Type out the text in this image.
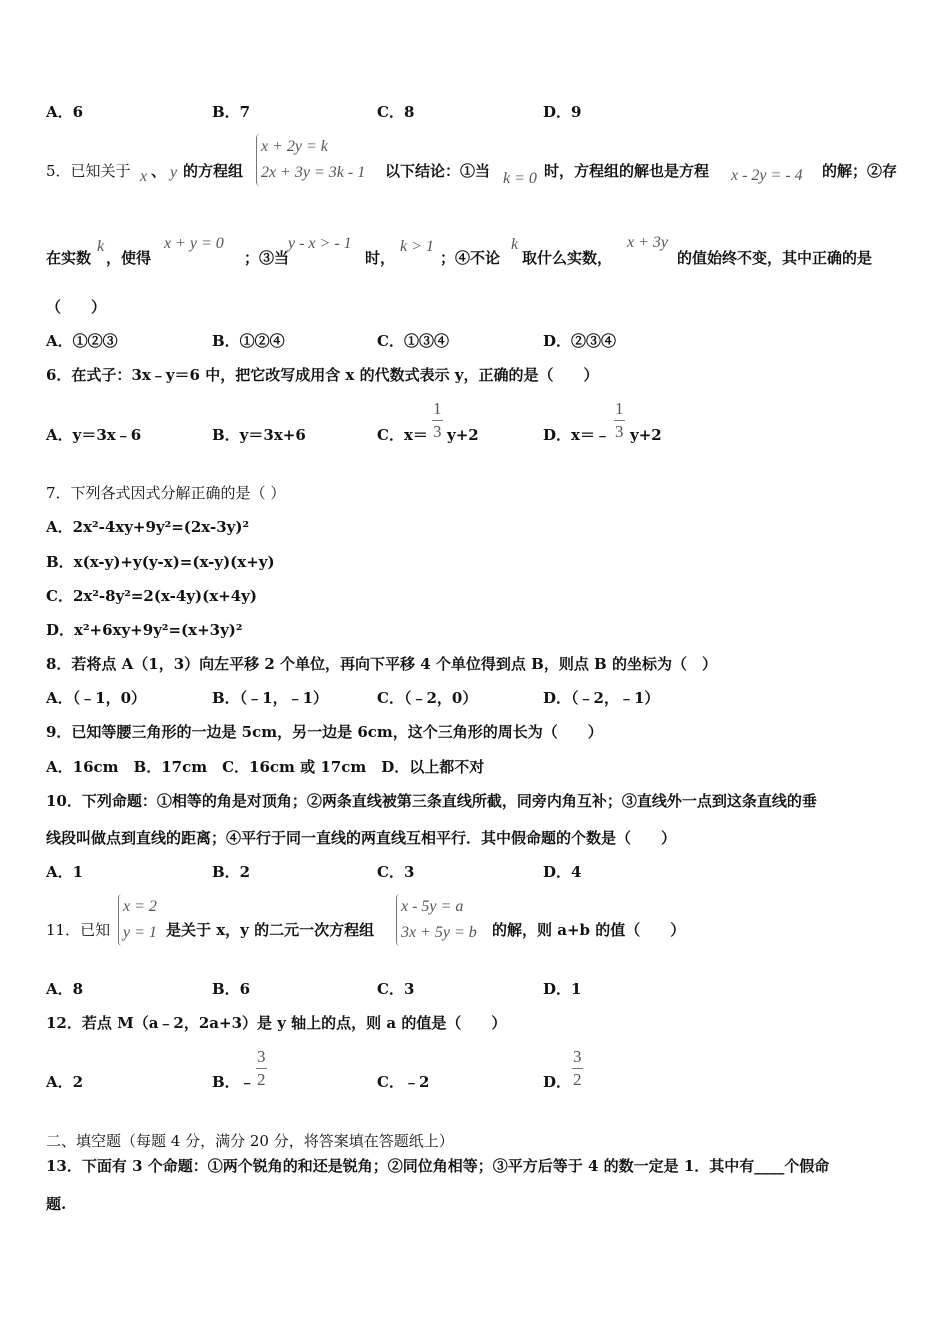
A．6	B．7	C．8	D．9
5．已知关于 x 、 y 的方程组
x + 2y = k
2x + 3y = 3k - 1 以下结论：①当 k = 0 时，方程组的解也是方程 x - 2y = - 4 的解；②存
在实数
k
，使得
x + y = 0
；③当
y - x > - 1
时，
k > 1
；④不论
k
取什么实数，
x + 3y
的值始终不变，其中正确的是
（　　）
A．①②③	B．①②④	C．①③④	D．②③④
6．在式子：3x﹣y＝6 中，把它改写成用含 x 的代数式表示 y，正确的是（　　）
A．y＝3x﹣6	B．y＝3x+6	C．$x= \frac{1}{3} y+2$	D．x＝﹣ $\frac{1}{3} y+2$
7．下列各式因式分解正确的是（ ）
A．2x²-4xy+9y²=(2x-3y)²
B．x(x-y)+y(y-x)=(x-y)(x+y)
C．2x²-8y²=2(x-4y)(x+4y)
D．x²+6xy+9y²=(x+3y)²
8．若将点 A（1，3）向左平移 2 个单位，再向下平移 4 个单位得到点 B，则点 B 的坐标为（　）
A．（﹣1，0）	B．（﹣1，﹣1）	C．（﹣2，0）	D．（﹣2，﹣1）
9．已知等腰三角形的一边是 5cm，另一边是 6cm，这个三角形的周长为（　　）
A．16cm　B．17cm　C．16cm 或 17cm　D．以上都不对
10．下列命题：①相等的角是对顶角；②两条直线被第三条直线所截，同旁内角互补；③直线外一点到这条直线的垂
线段叫做点到直线的距离；④平行于同一直线的两直线互相平行．其中假命题的个数是（　　）
A．1	B．2	C．3	D．4
11．已知
x = 2
y = 1 是关于 x，y 的二元一次方程组
x - 5y = a
3x + 5y = b 的解，则 a+b 的值（　　）
A．8	B．6	C．3	D．1
12．若点 M（a﹣2，2a+3）是 y 轴上的点，则 a 的值是（　　）
A．2	B．﹣ $\frac{3}{2}$	C．﹣2	D． $\frac{3}{2}$
二、填空题（每题 4 分，满分 20 分，将答案填在答题纸上）
13．下面有 3 个命题：①两个锐角的和还是锐角；②同位角相等；③平方后等于 4 的数一定是 1．其中有____个假命
题.
